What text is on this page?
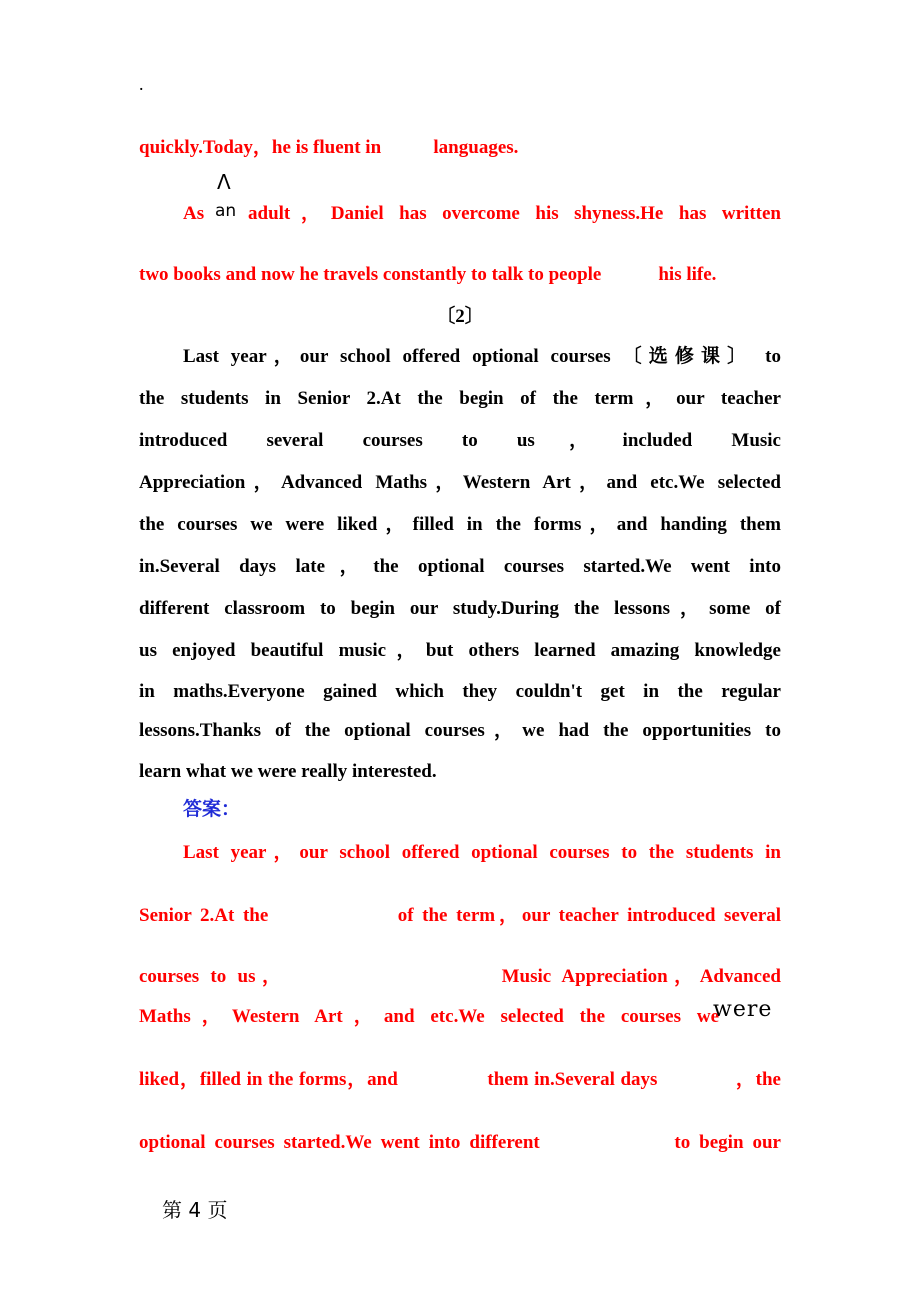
.
quickly.Today，he is fluent in           languages.
Λ
an
As adult，Daniel has overcome his shyness.He has written
two books and now he travels constantly to talk to people            his life.
〔2〕
Last year，our school offered optional courses 〔选修课〕 to
the students in Senior 2.At the begin of the term，our teacher
introduced several courses to us，included Music
Appreciation，Advanced Maths，Western Art，and etc.We selected
the courses we were liked，filled in the forms，and handing them
in.Several days late，the optional courses started.We went into
different classroom to begin our study.During the lessons，some of
us enjoyed beautiful music，but others learned amazing knowledge
in maths.Everyone gained which they couldn't get in the regular
lessons.Thanks of the optional courses，we had the opportunities to
learn what we were really interested.
答案：
Last year，our school offered optional courses to the students in
Senior 2.At the               of the term，our teacher introduced several
courses to us，                   Music Appreciation，Advanced
Maths，Western Art，and etc.We selected the courses we
were
liked，filled in the forms，and                them in.Several days              ，the
optional courses started.We went into different               to begin our
第 4 页
